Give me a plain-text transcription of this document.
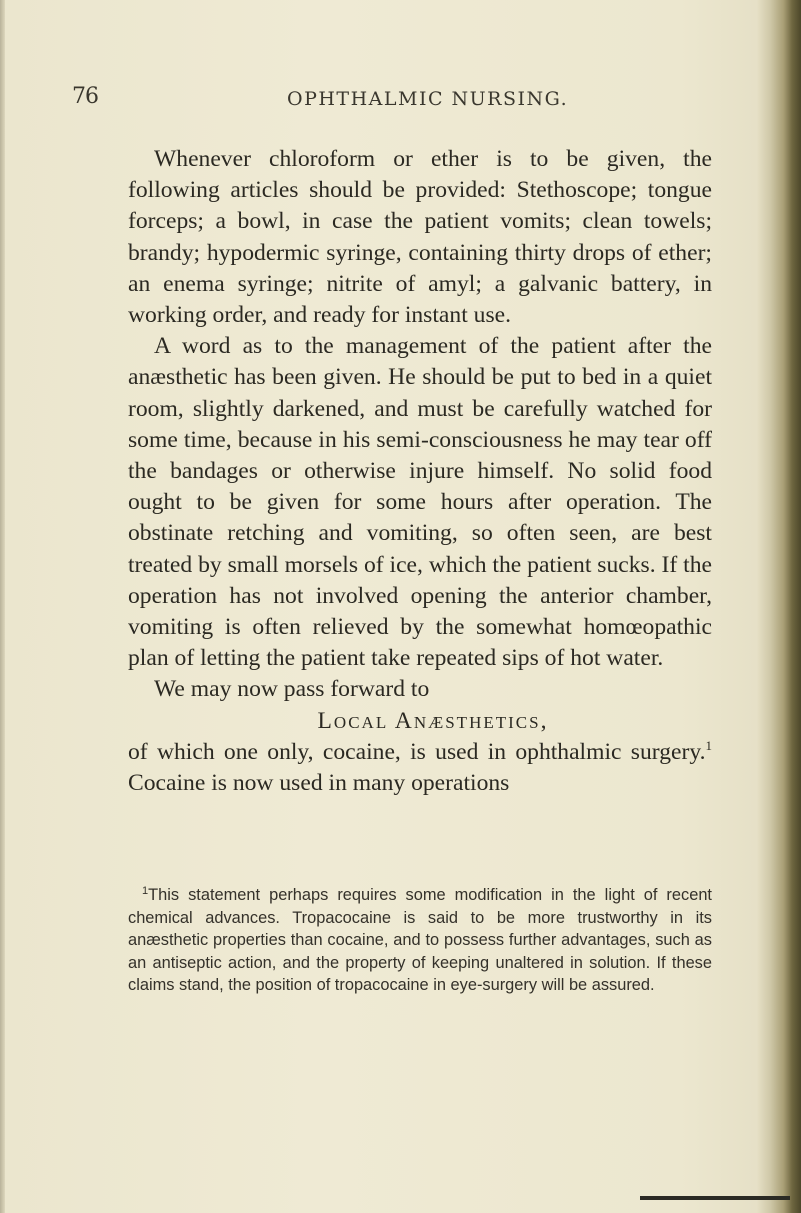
76	OPHTHALMIC NURSING.

Whenever chloroform or ether is to be given, the following articles should be provided: Stethoscope; tongue forceps; a bowl, in case the patient vomits; clean towels; brandy; hypodermic syringe, containing thirty drops of ether; an enema syringe; nitrite of amyl; a galvanic battery, in working order, and ready for instant use.

A word as to the management of the patient after the anæsthetic has been given. He should be put to bed in a quiet room, slightly darkened, and must be carefully watched for some time, because in his semi-consciousness he may tear off the bandages or otherwise injure himself. No solid food ought to be given for some hours after operation. The obstinate retching and vomiting, so often seen, are best treated by small morsels of ice, which the patient sucks. If the operation has not involved opening the anterior chamber, vomiting is often relieved by the somewhat homœopathic plan of letting the patient take repeated sips of hot water.

We may now pass forward to

Local Anæsthetics,

of which one only, cocaine, is used in ophthalmic surgery.$^1$ Cocaine is now used in many operations

$^1$This statement perhaps requires some modification in the light of recent chemical advances. Tropacocaine is said to be more trustworthy in its anæsthetic properties than cocaine, and to possess further advantages, such as an antiseptic action, and the property of keeping unaltered in solution. If these claims stand, the position of tropacocaine in eye-surgery will be assured.
